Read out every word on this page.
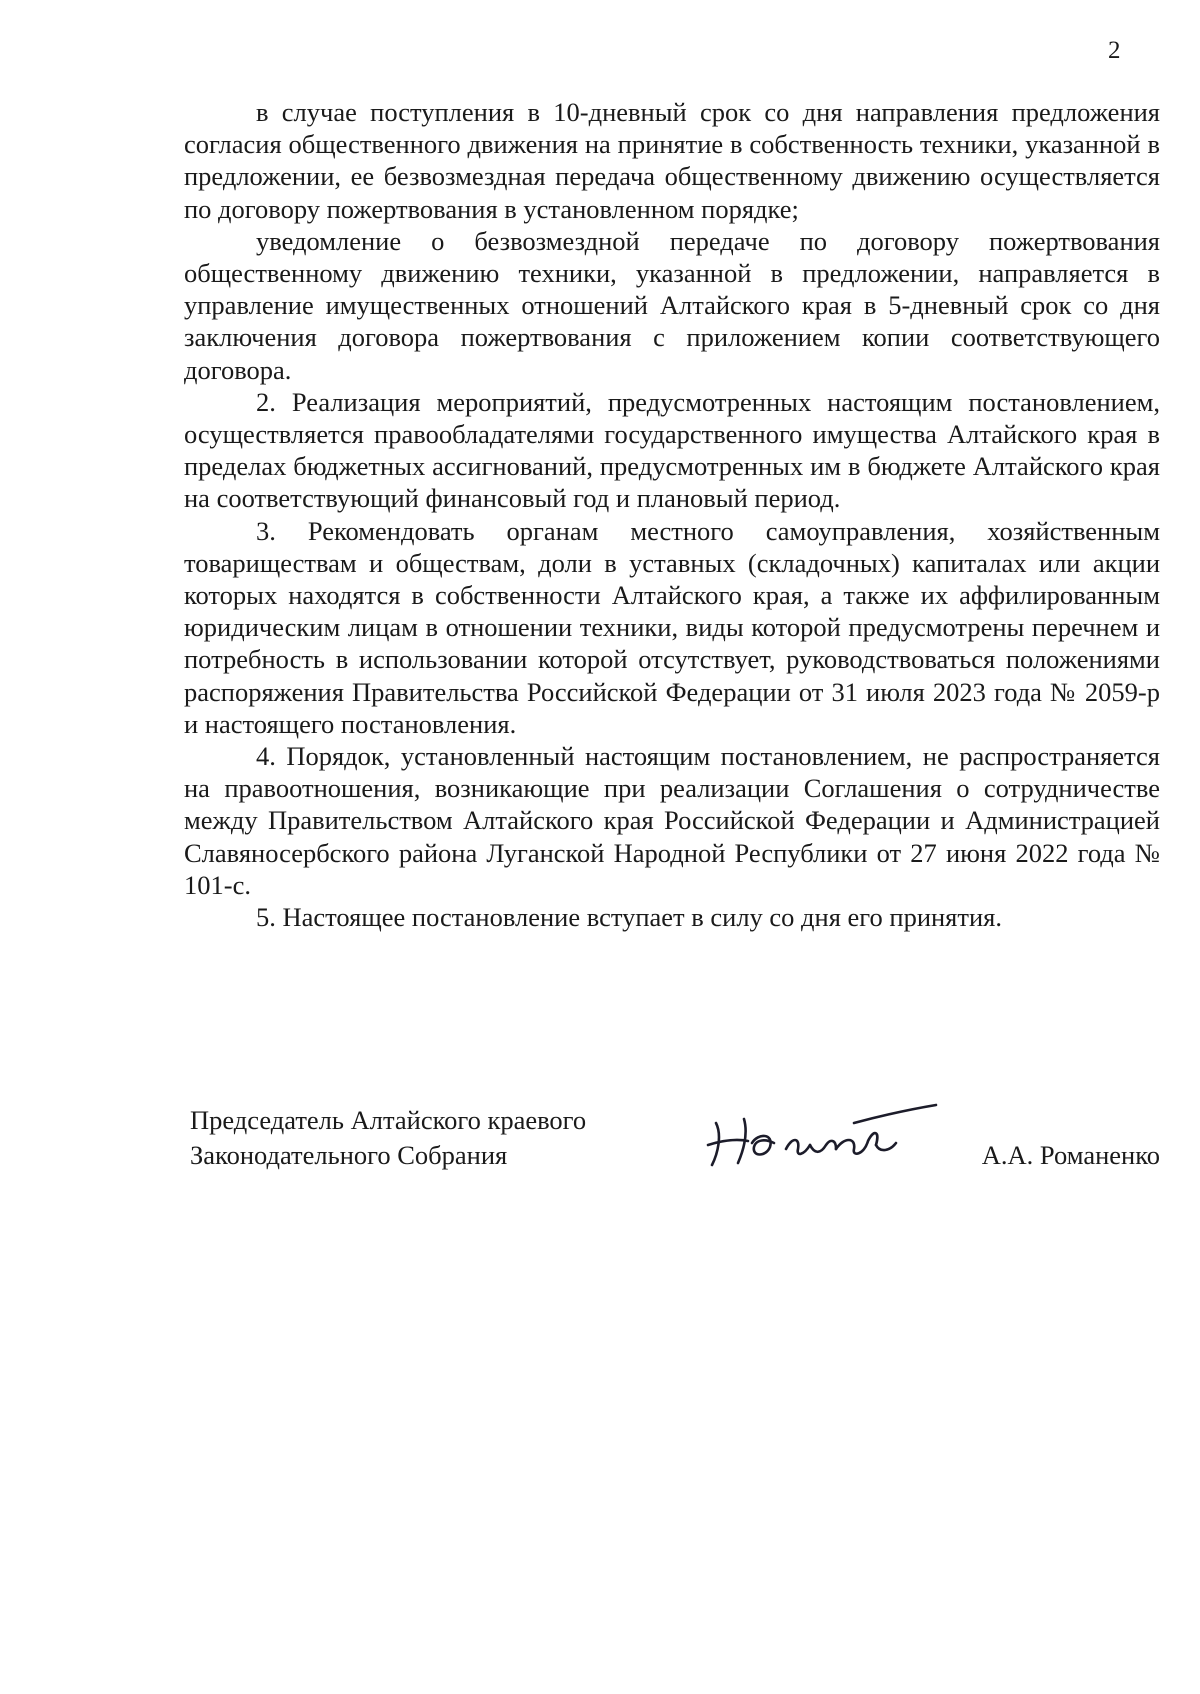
2

в случае поступления в 10-дневный срок со дня направления предложения согласия общественного движения на принятие в собственность техники, указанной в предложении, ее безвозмездная передача общественному движению осуществляется по договору пожертвования в установленном порядке;

уведомление о безвозмездной передаче по договору пожертвования общественному движению техники, указанной в предложении, направляется в управление имущественных отношений Алтайского края в 5-дневный срок со дня заключения договора пожертвования с приложением копии соответствующего договора.

2. Реализация мероприятий, предусмотренных настоящим постановлением, осуществляется правообладателями государственного имущества Алтайского края в пределах бюджетных ассигнований, предусмотренных им в бюджете Алтайского края на соответствующий финансовый год и плановый период.

3. Рекомендовать органам местного самоуправления, хозяйственным товариществам и обществам, доли в уставных (складочных) капиталах или акции которых находятся в собственности Алтайского края, а также их аффилированным юридическим лицам в отношении техники, виды которой предусмотрены перечнем и потребность в использовании которой отсутствует, руководствоваться положениями распоряжения Правительства Российской Федерации от 31 июля 2023 года № 2059-р и настоящего постановления.

4. Порядок, установленный настоящим постановлением, не распространяется на правоотношения, возникающие при реализации Соглашения о сотрудничестве между Правительством Алтайского края Российской Федерации и Администрацией Славяносербского района Луганской Народной Республики от 27 июня 2022 года № 101-с.

5. Настоящее постановление вступает в силу со дня его принятия.

Председатель Алтайского краевого
Законодательного Собрания	А.А. Романенко
